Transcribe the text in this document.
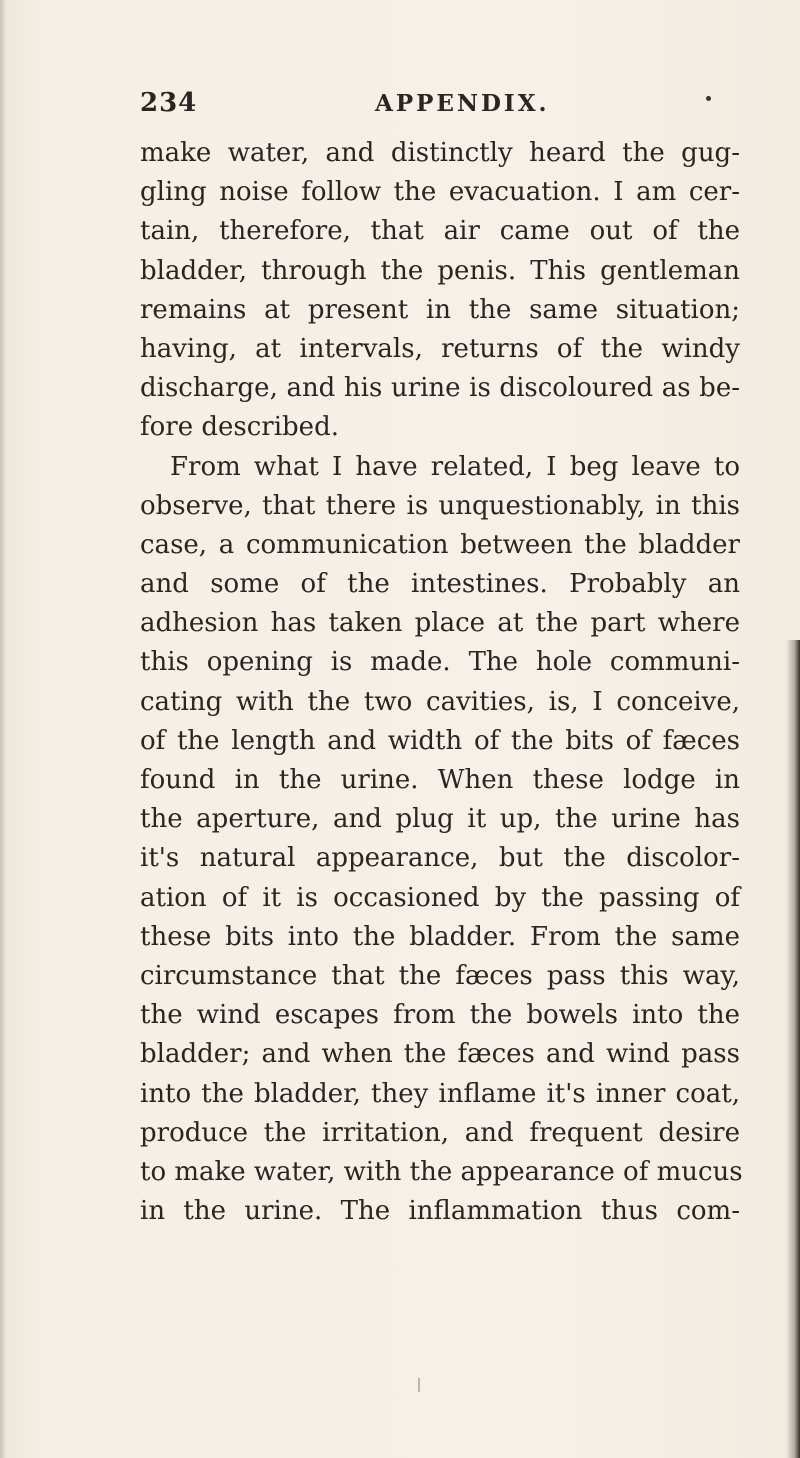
234	APPENDIX.
make water, and distinctly heard the gug-
gling noise follow the evacuation. I am cer-
tain, therefore, that air came out of the
bladder, through the penis. This gentleman
remains at present in the same situation;
having, at intervals, returns of the windy
discharge, and his urine is discoloured as be-
fore described.
From what I have related, I beg leave to
observe, that there is unquestionably, in this
case, a communication between the bladder
and some of the intestines. Probably an
adhesion has taken place at the part where
this opening is made. The hole communi-
cating with the two cavities, is, I conceive,
of the length and width of the bits of fæces
found in the urine. When these lodge in
the aperture, and plug it up, the urine has
it's natural appearance, but the discolor-
ation of it is occasioned by the passing of
these bits into the bladder. From the same
circumstance that the fæces pass this way,
the wind escapes from the bowels into the
bladder; and when the fæces and wind pass
into the bladder, they inflame it's inner coat,
produce the irritation, and frequent desire
to make water, with the appearance of mucus
in the urine. The inflammation thus com-
